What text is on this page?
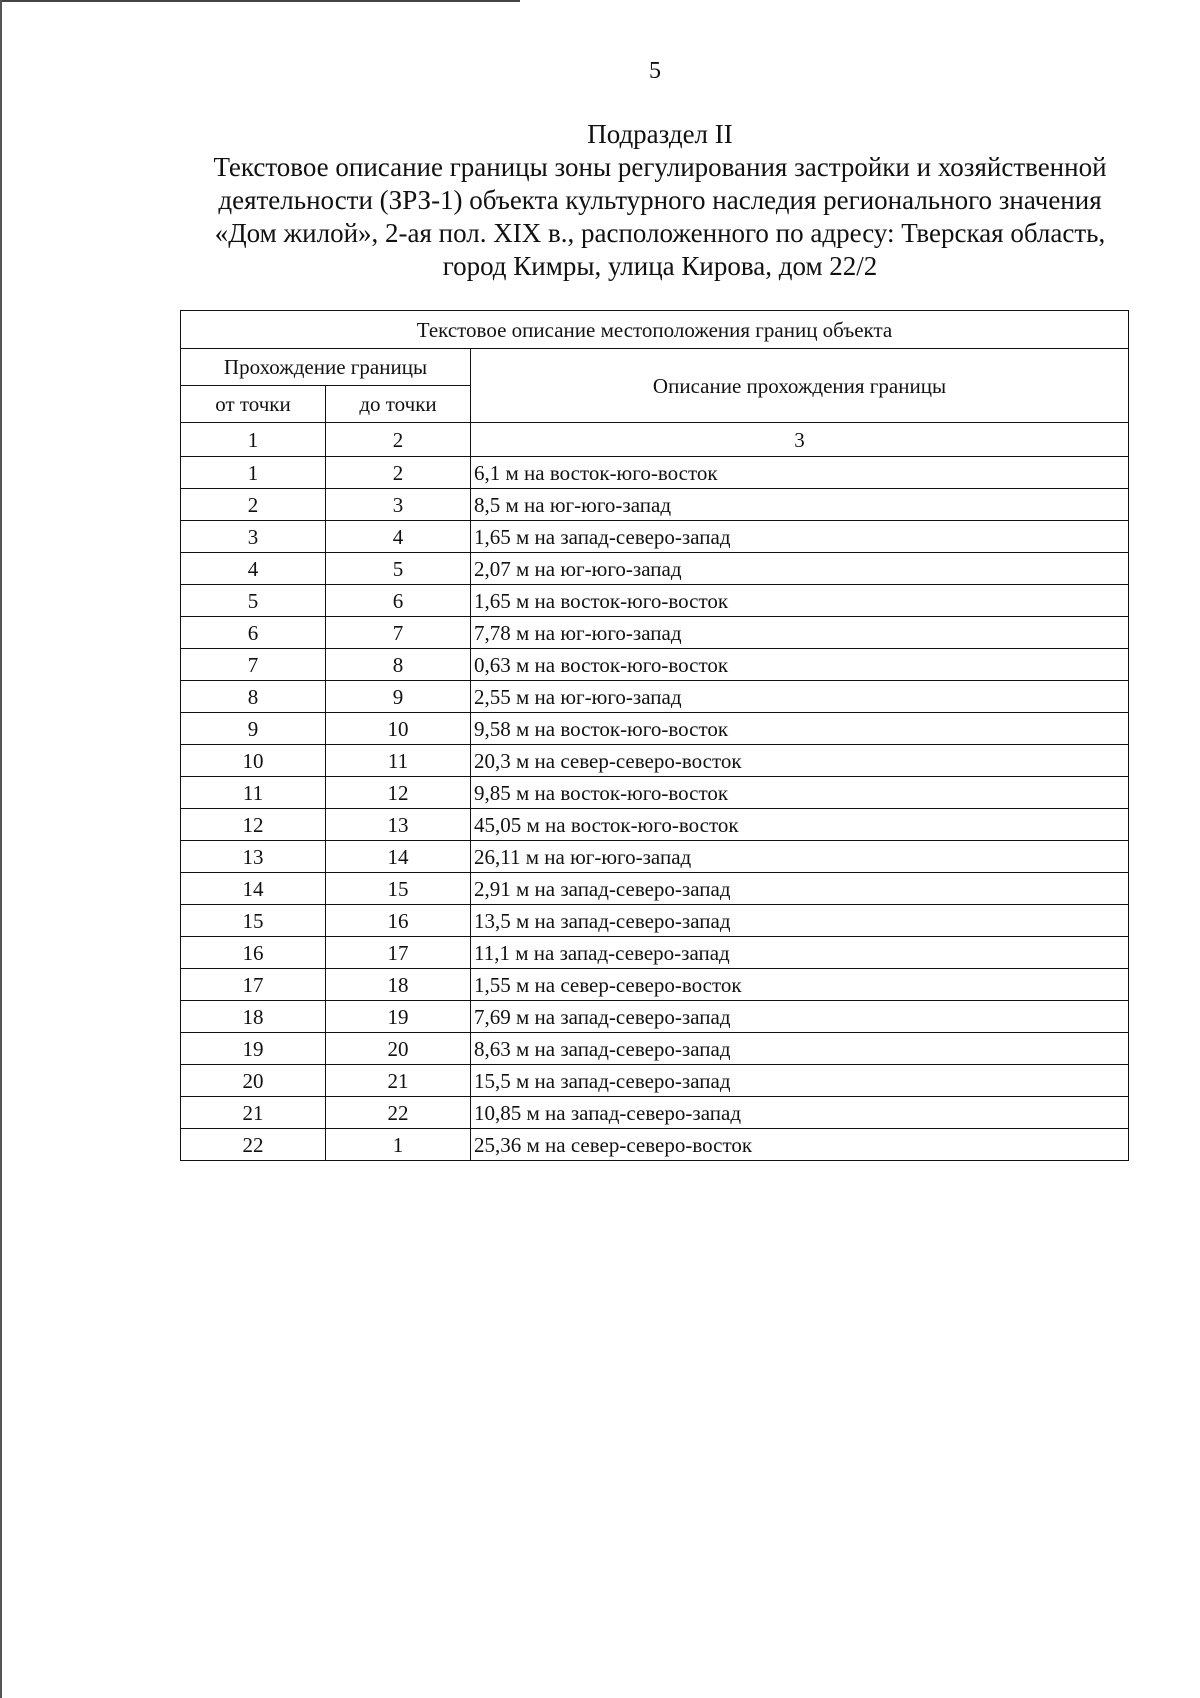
5
Подраздел II
Текстовое описание границы зоны регулирования застройки и хозяйственной
деятельности (ЗРЗ-1) объекта культурного наследия регионального значения
«Дом жилой», 2-ая пол. XIX в., расположенного по адресу: Тверская область,
город Кимры, улица Кирова, дом 22/2
Текстовое описание местоположения границ объекта		
Прохождение границы		Описание прохождения границы
от точки	до точки	
1	2	3
1	2	6,1 м на восток-юго-восток
2	3	8,5 м на юг-юго-запад
3	4	1,65 м на запад-северо-запад
4	5	2,07 м на юг-юго-запад
5	6	1,65 м на восток-юго-восток
6	7	7,78 м на юг-юго-запад
7	8	0,63 м на восток-юго-восток
8	9	2,55 м на юг-юго-запад
9	10	9,58 м на восток-юго-восток
10	11	20,3 м на север-северо-восток
11	12	9,85 м на восток-юго-восток
12	13	45,05 м на восток-юго-восток
13	14	26,11 м на юг-юго-запад
14	15	2,91 м на запад-северо-запад
15	16	13,5 м на запад-северо-запад
16	17	11,1 м на запад-северо-запад
17	18	1,55 м на север-северо-восток
18	19	7,69 м на запад-северо-запад
19	20	8,63 м на запад-северо-запад
20	21	15,5 м на запад-северо-запад
21	22	10,85 м на запад-северо-запад
22	1	25,36 м на север-северо-восток
